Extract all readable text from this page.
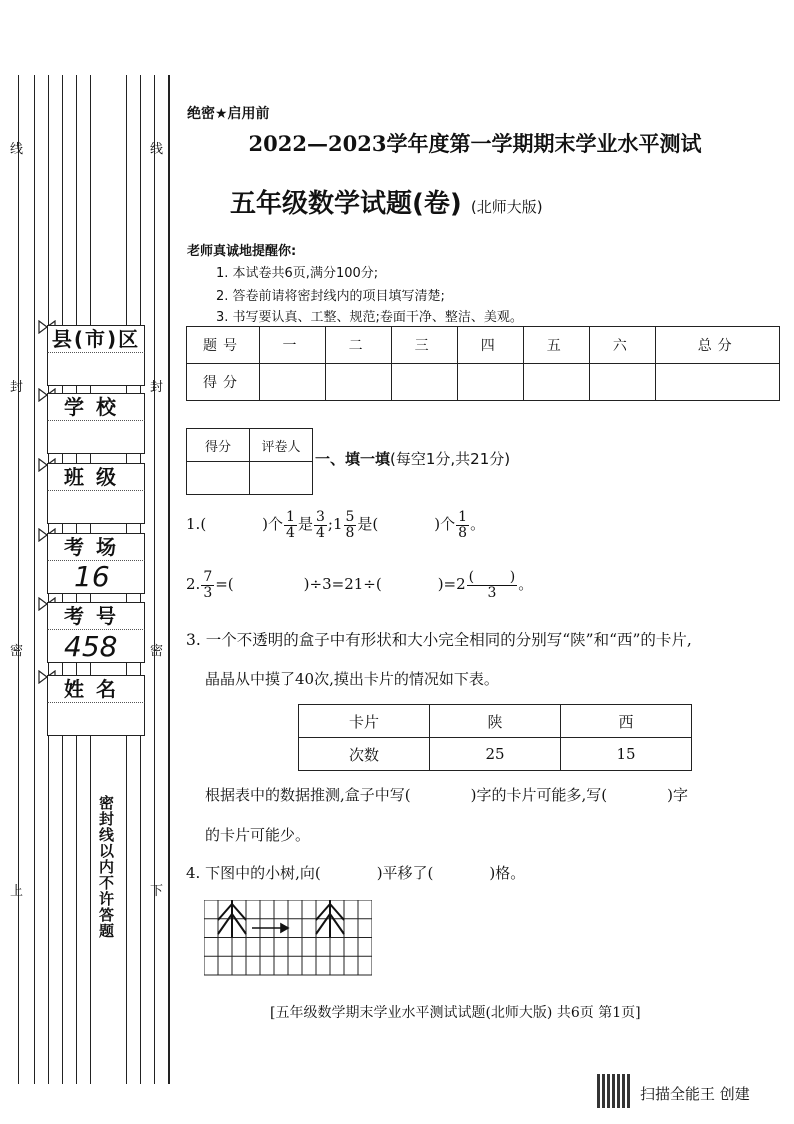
线	线
封	封
密	密
上	下
县(市)区
学校
班级
考场
16
考号
458
姓名
密封线以内不许答题
绝密★启用前
2022—2023学年度第一学期期末学业水平测试
五年级数学试题(卷) (北师大版)
老师真诚地提醒你:
1. 本试卷共6页,满分100分;
2. 答卷前请将密封线内的项目填写清楚;
3. 书写要认真、工整、规范;卷面干净、整洁、美观。
题号	一	二	三	四	五	六	总分
得分							
得分	评卷人

一、填一填(每空1分,共21分)
1.(	)个 $\frac{1}{4}$ 是 $\frac{3}{4}$ ;1 $\frac{5}{8}$ 是(	)个 $\frac{1}{8}$ 。
2. $\frac{7}{3}$ =(	)÷3=21÷(	)$=2 \frac{( )}{3}$ 。
3. 一个不透明的盒子中有形状和大小完全相同的分别写“陕”和“西”的卡片,
晶晶从中摸了40次,摸出卡片的情况如下表。
卡片	陕	西
次数	25	15
根据表中的数据推测,盒子中写(	)字的卡片可能多,写(	)字
的卡片可能少。
4. 下图中的小树,向(	)平移了(	)格。
[五年级数学期末学业水平测试试题(北师大版) 共6页 第1页]
扫描全能王 创建
